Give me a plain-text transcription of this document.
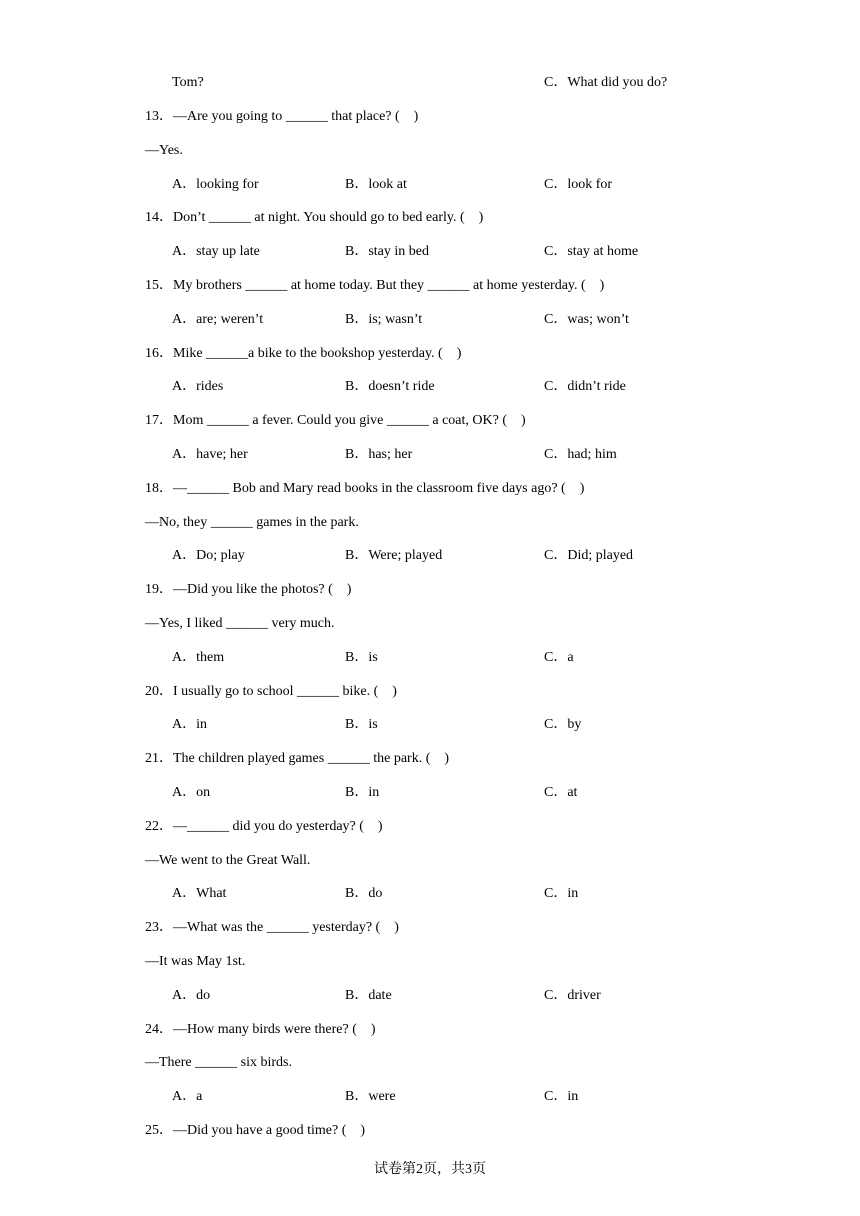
Tom?	C．What did you do?
13．—Are you going to ______ that place? (    )
—Yes.
A．looking for	B．look at	C．look for
14．Don’t ______ at night. You should go to bed early. (    )
A．stay up late	B．stay in bed	C．stay at home
15．My brothers ______ at home today. But they ______ at home yesterday. (    )
A．are; weren’t	B．is; wasn’t	C．was; won’t
16．Mike ______a bike to the bookshop yesterday. (    )
A．rides	B．doesn’t ride	C．didn’t ride
17．Mom ______ a fever. Could you give ______ a coat, OK? (    )
A．have; her	B．has; her	C．had; him
18．—______ Bob and Mary read books in the classroom five days ago? (    )
—No, they ______ games in the park.
A．Do; play	B．Were; played	C．Did; played
19．—Did you like the photos? (    )
—Yes, I liked ______ very much.
A．them	B．is	C．a
20．I usually go to school ______ bike. (    )
A．in	B．is	C．by
21．The children played games ______ the park. (    )
A．on	B．in	C．at
22．—______ did you do yesterday? (    )
—We went to the Great Wall.
A．What	B．do	C．in
23．—What was the ______ yesterday? (    )
—It was May 1st.
A．do	B．date	C．driver
24．—How many birds were there? (    )
—There ______ six birds.
A．a	B．were	C．in
25．—Did you have a good time? (    )
试卷第2页，共3页
